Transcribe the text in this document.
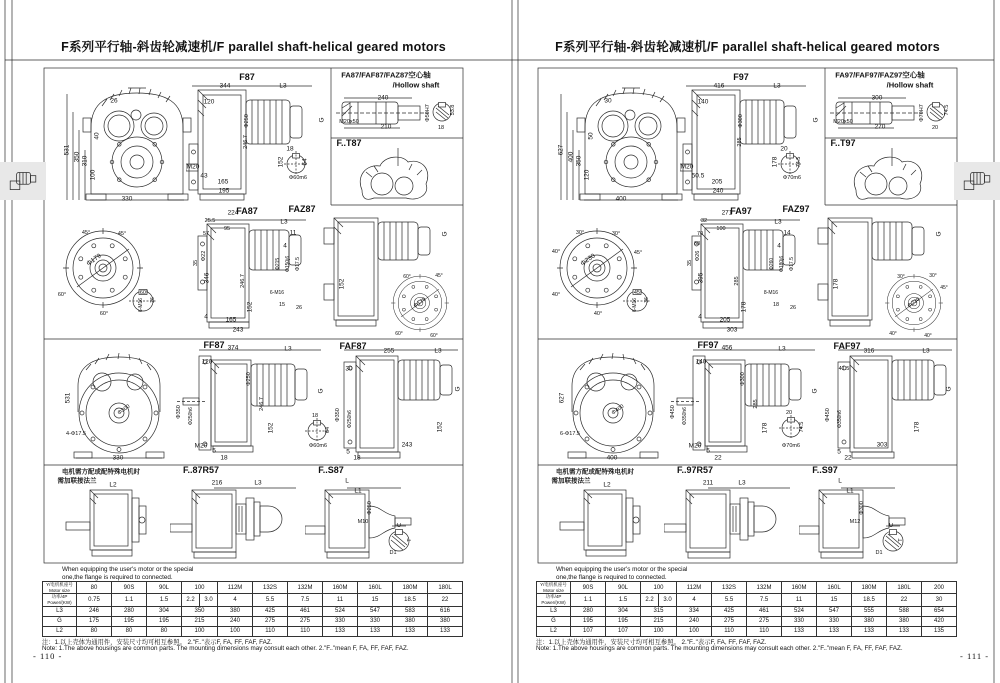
F系列平行轴-斜齿轮减速机/F parallel shaft-helical geared motors	F系列平行轴-斜齿轮减速机/F parallel shaft-helical geared motors
F87	FA87/FAF87/FAZ87空心轴
/Hollow shaft
F..T87
FA87	FAZ87
FF87	FAF87
F..87R57	F..S87
电机需方配或配特殊电机时
需加联接法兰
26
40
531
350 310
100
330
344	L3
120
Φ250
246.7
M20
43
165
195
152
18
64
Φ60m6
G
240
M20x50
210
Φ50H7	53.8
18
Φ179
45°	45°
60°	60°
60°
6-M16 26
25.5
224
L3
95
57
Φ22
35
346	246.7
152
4	165
243
11
4
Φ215 Φ150j6 Φ17.5
6-M16
15 26
152
G
Φ179
60°	45°
60°	60°
531
4-Φ17.5
Φ300
330
374	L3
120
Φ250
246.7
152
Φ350 Φ250h6
M20
5
18
G
18
64
Φ60m6
255	L3
30
Φ350 Φ250h6	152
243
5
18
G
L2	216	L3	L
L1
Φ250
M10
U
T
D1
F97	FA97/FAF97/FAZ97空心轴
/Hollow shaft
F..T97
FA97	FAZ97
FF97	FAF97
F..97R57	F..S97
电机需方配或配特殊电机时
需加联接法兰
30
50
627
400 350
120
400
416	L3
140
Φ300
285
M20
50.5
205
240
178
20
74.5
Φ70m6
G
300
M20x50
270
Φ70H7	74.5
20
Φ230
30°	30°
40°	45°
40°	45°
40°
6-M16 36
32
271
L3
100
70
68
Φ26
35
395	285
178
4	205
303
14
4
Φ260 Φ180j6 Φ17.5
8-M16
18 26
178
G
Φ230
30°	30°
45°
40°	40°
627
6-Φ17.5
Φ400
400
456	L3
140
Φ300
285
178
Φ450 Φ350h6
M20
5
22
G
20
74.5
Φ70m6
316	L3
41.5
Φ450 Φ350h6	178
303
5
22
G
L2	211	L3	L
L1
Φ300
M12
U
T
D1
When equipping the user's motor or the special
one,the flange is required to connected.
When equipping the user's motor or the special
one,the flange is required to connected.
Y/电机机座号
Motor size	80	90S	90L	100		112M	132S	132M	160M	160L	180M	180L

功率/4P
Power/(KW)	0.75	1.1	1.5	2.2	3.0	4	5.5	7.5	11	15	18.5	22

L3	246	280	304	350		380	425	461	524	547	583	616

G	175	195	195	215		240	275	275	330	330	380	380

L2	80	80	80	100		100	110	110	133	133	133	133
Y/电机机座号
Motor size	90S	90L	100		112M	132S	132M	160M	160L	180M	180L	200

功率/4P
Power/(KW)	1.1	1.5	2.2	3.0	4	5.5	7.5	11	15	18.5	22	30

L3	280	304	315		334	425	461	524	547	555	588	654

G	195	195	215		240	275	275	330	330	380	380	420

L2	107	107	100		100	110	110	133	133	133	133	135
注：1.以上壳体为通用件，安装尺寸均可相互参照。 2."F.."表示F, FA, FF, FAF, FAZ.
Note: 1.The above housings are common parts. The mounting dimensions may consult each other. 2."F.."mean F, FA, FF, FAF, FAZ.
注：1.以上壳体为通用件，安装尺寸均可相互参照。 2."F.."表示F, FA, FF, FAF, FAZ.
Note: 1.The above housings are common parts. The mounting dimensions may consult each other. 2."F.."mean F, FA, FF, FAF, FAZ.
- 110 -	- 111 -
